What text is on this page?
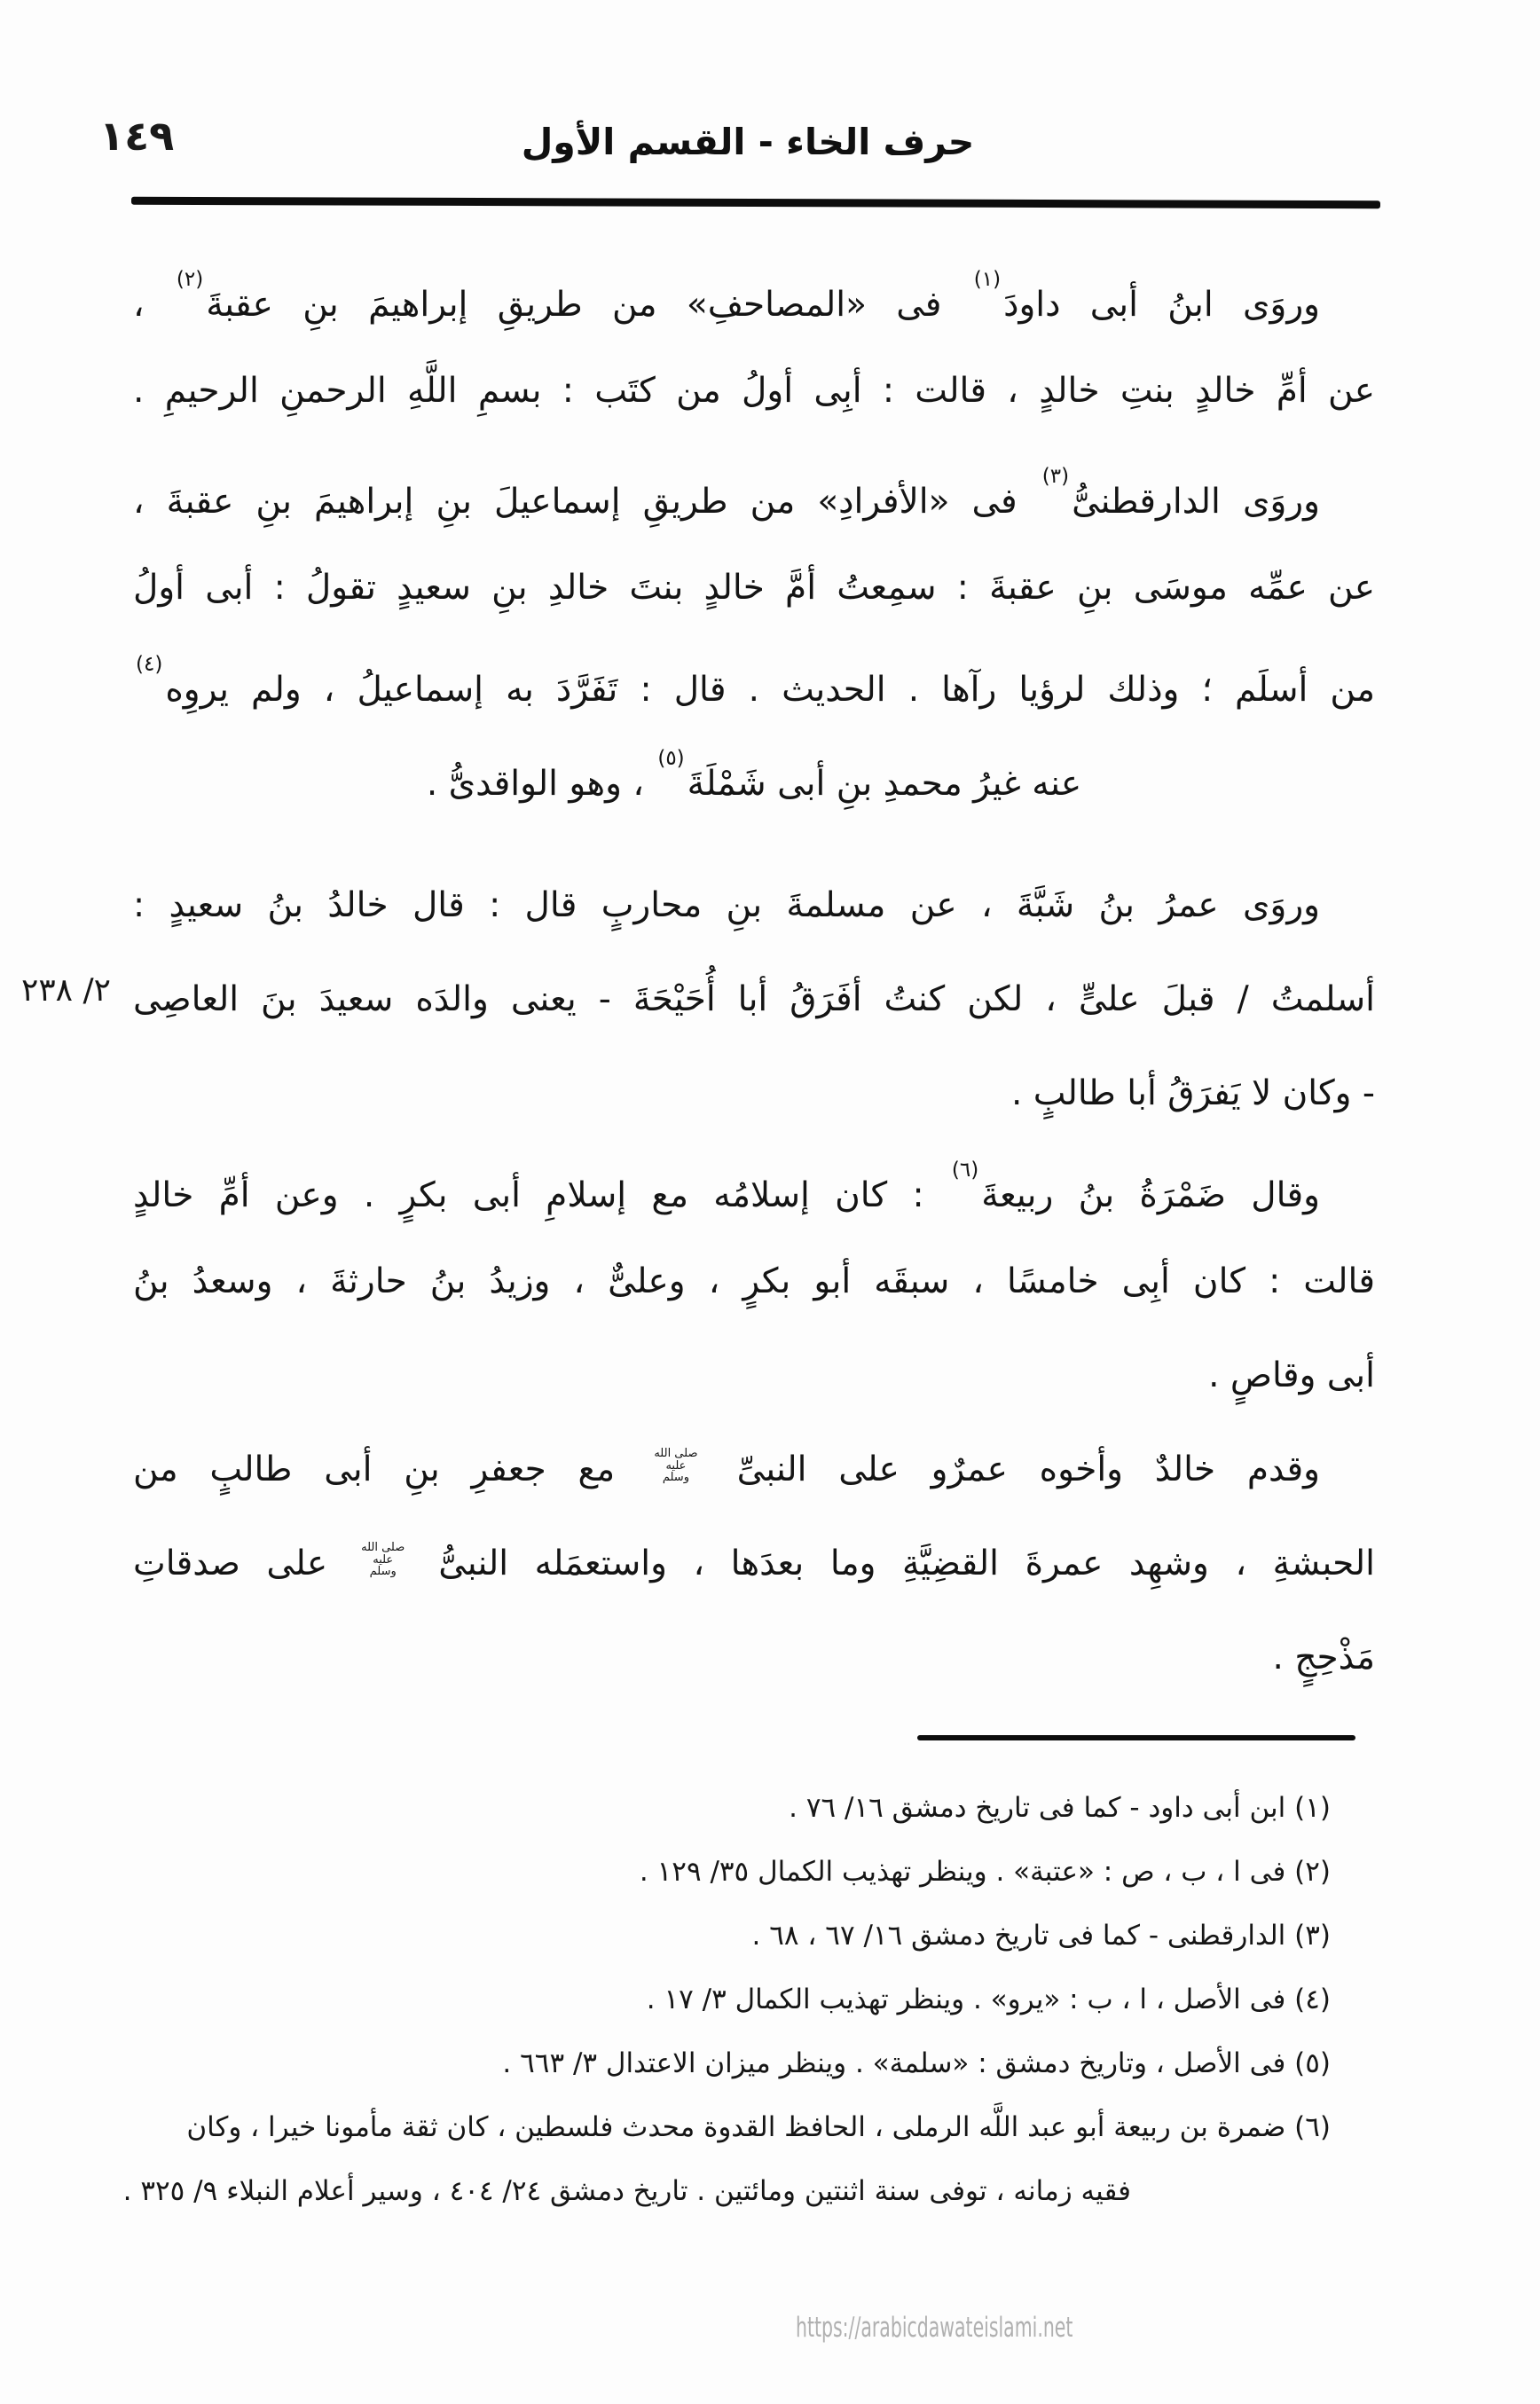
١٤٩	حرف الخاء - القسم الأول
٢/ ٢٣٨
وروَى ابنُ أبى داودَ$^{(١)}$ فى «المصاحفِ» من طريقِ إبراهيمَ بنِ عقبةَ$^{(٢)}$ ،
عن أمِّ خالدٍ بنتِ خالدٍ ، قالت : أبِى أولُ من كتَب : بسمِ اللَّهِ الرحمنِ الرحيمِ .
وروَى الدارقطنىُّ$^{(٣)}$ فى «الأفرادِ» من طريقِ إسماعيلَ بنِ إبراهيمَ بنِ عقبةَ ،
عن عمِّه موسَى بنِ عقبةَ : سمِعتُ أمَّ خالدٍ بنتَ خالدِ بنِ سعيدٍ تقولُ : أبى أولُ
من أسلَم ؛ وذلك لرؤيا رآها . الحديث . قال : تَفَرَّدَ به إسماعيلُ ، ولم يروِه$^{(٤)}$
عنه غيرُ محمدِ بنِ أبى شَمْلَةَ$^{(٥)}$ ، وهو الواقدىُّ .
وروَى عمرُ بنُ شَبَّةَ ، عن مسلمةَ بنِ محاربٍ قال : قال خالدُ بنُ سعيدٍ :
أسلمتُ / قبلَ علىٍّ ، لكن كنتُ أفَرَقُ أبا أُحَيْحَةَ - يعنى والدَه سعيدَ بنَ العاصِى
- وكان لا يَفرَقُ أبا طالبٍ .
وقال ضَمْرَةُ بنُ ربيعةَ$^{(٦)}$ : كان إسلامُه مع إسلامِ أبى بكرٍ . وعن أمِّ خالدٍ
قالت : كان أبِى خامسًا ، سبقَه أبو بكرٍ ، وعلىٌّ ، وزيدُ بنُ حارثةَ ، وسعدُ بنُ
أبى وقاصٍ .
وقدم خالدٌ وأخوه عمرٌو على النبىِّ
صلى الله
عليه
وسلم
مع جعفرِ بنِ أبى طالبٍ من
الحبشةِ ، وشهِد عمرةَ القضِيَّةِ وما بعدَها ، واستعمَله النبىُّ
صلى الله
عليه
وسلم
على صدقاتِ
مَذْحِجٍ .
(١) ابن أبى داود - كما فى تاريخ دمشق ١٦/ ٧٦ .
(٢) فى ا ، ب ، ص : «عتبة» . وينظر تهذيب الكمال ٣٥/ ١٢٩ .
(٣) الدارقطنى - كما فى تاريخ دمشق ١٦/ ٦٧ ، ٦٨ .
(٤) فى الأصل ، ا ، ب : «يرو» . وينظر تهذيب الكمال ٣/ ١٧ .
(٥) فى الأصل ، وتاريخ دمشق : «سلمة» . وينظر ميزان الاعتدال ٣/ ٦٦٣ .
(٦) ضمرة بن ربيعة أبو عبد اللَّه الرملى ، الحافظ القدوة محدث فلسطين ، كان ثقة مأمونا خيرا ، وكان
فقيه زمانه ، توفى سنة اثنتين ومائتين . تاريخ دمشق ٢٤/ ٤٠٤ ، وسير أعلام النبلاء ٩/ ٣٢٥ .
https://arabicdawateislami.net
